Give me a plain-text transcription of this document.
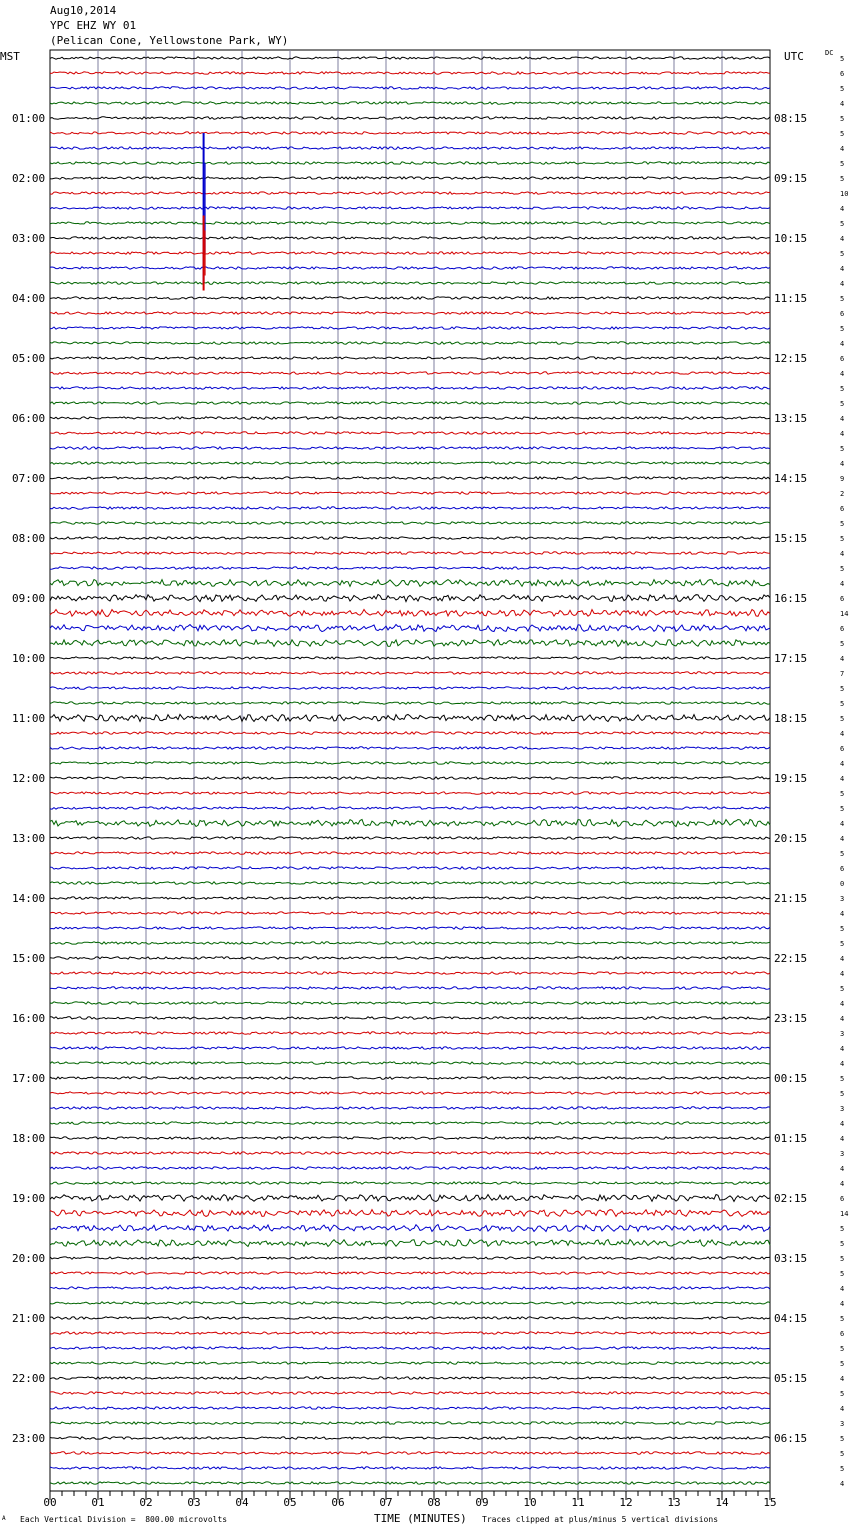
Aug10,2014
YPC EHZ WY 01
(Pelican Cone, Yellowstone Park, WY)
MST	UTC	DC
01:00	08:15
02:00	09:15
03:00	10:15
04:00	11:15
05:00	12:15
06:00	13:15
07:00	14:15
08:00	15:15
09:00	16:15
10:00	17:15
11:00	18:15
12:00	19:15
13:00	20:15
14:00	21:15
15:00	22:15
16:00	23:15
17:00	00:15
18:00	01:15
19:00	02:15
20:00	03:15
21:00	04:15
22:00	05:15
23:00	06:15
5
6
5
4
5
5
4
5
5
10
4
5
4
5
4
4
5
6
5
4
6
4
5
5
4
4
5
4
9
2
6
5
5
4
5
4
6
14
6
5
4
7
5
5
5
4
6
4
4
5
5
4
4
5
6
0
3
4
5
5
4
4
5
4
4
3
4
4
5
5
3
4
4
3
4
4
6
14
5
5
5
5
4
4
5
6
5
5
4
5
4
3
5
5
5
4
00	01	02	03	04	05	06	07	08	09	10	11	12	13	14	15
A Each Vertical Division =  800.00 microvolts	TIME (MINUTES) Traces clipped at plus/minus 5 vertical divisions
